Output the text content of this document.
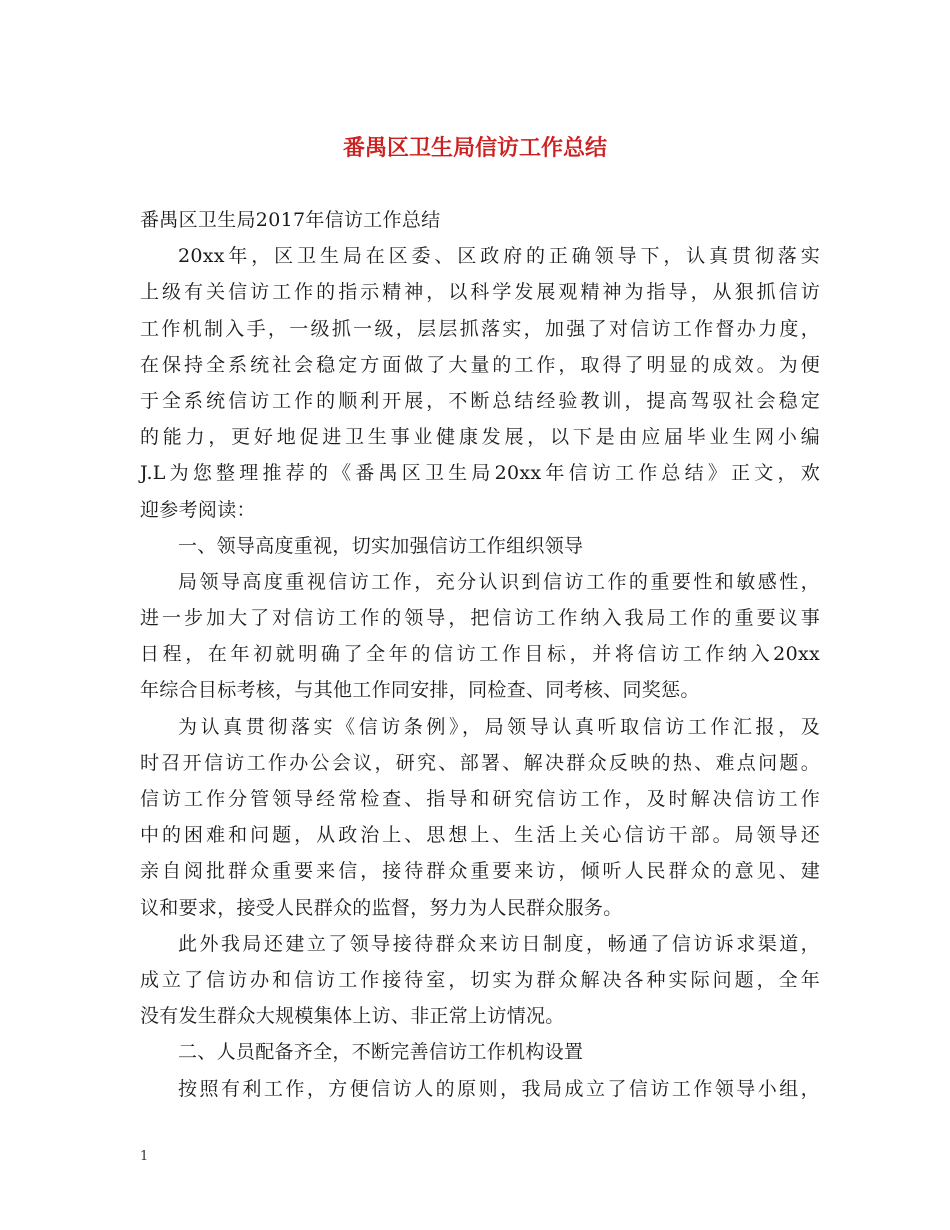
番禺区卫生局信访工作总结
番禺区卫生局2017年信访工作总结
20xx年，区卫生局在区委、区政府的正确领导下，认真贯彻落实
上级有关信访工作的指示精神，以科学发展观精神为指导，从狠抓信访
工作机制入手，一级抓一级，层层抓落实，加强了对信访工作督办力度，
在保持全系统社会稳定方面做了大量的工作，取得了明显的成效。为便
于全系统信访工作的顺利开展，不断总结经验教训，提高驾驭社会稳定
的能力，更好地促进卫生事业健康发展，以下是由应届毕业生网小编
J.L为您整理推荐的《番禺区卫生局20xx年信访工作总结》正文，欢
迎参考阅读：
一、领导高度重视，切实加强信访工作组织领导
局领导高度重视信访工作，充分认识到信访工作的重要性和敏感性，
进一步加大了对信访工作的领导，把信访工作纳入我局工作的重要议事
日程，在年初就明确了全年的信访工作目标，并将信访工作纳入20xx
年综合目标考核，与其他工作同安排，同检查、同考核、同奖惩。
为认真贯彻落实《信访条例》，局领导认真听取信访工作汇报，及
时召开信访工作办公会议，研究、部署、解决群众反映的热、难点问题。
信访工作分管领导经常检查、指导和研究信访工作，及时解决信访工作
中的困难和问题，从政治上、思想上、生活上关心信访干部。局领导还
亲自阅批群众重要来信，接待群众重要来访，倾听人民群众的意见、建
议和要求，接受人民群众的监督，努力为人民群众服务。
此外我局还建立了领导接待群众来访日制度，畅通了信访诉求渠道，
成立了信访办和信访工作接待室，切实为群众解决各种实际问题，全年
没有发生群众大规模集体上访、非正常上访情况。
二、人员配备齐全，不断完善信访工作机构设置
按照有利工作，方便信访人的原则，我局成立了信访工作领导小组，
1
